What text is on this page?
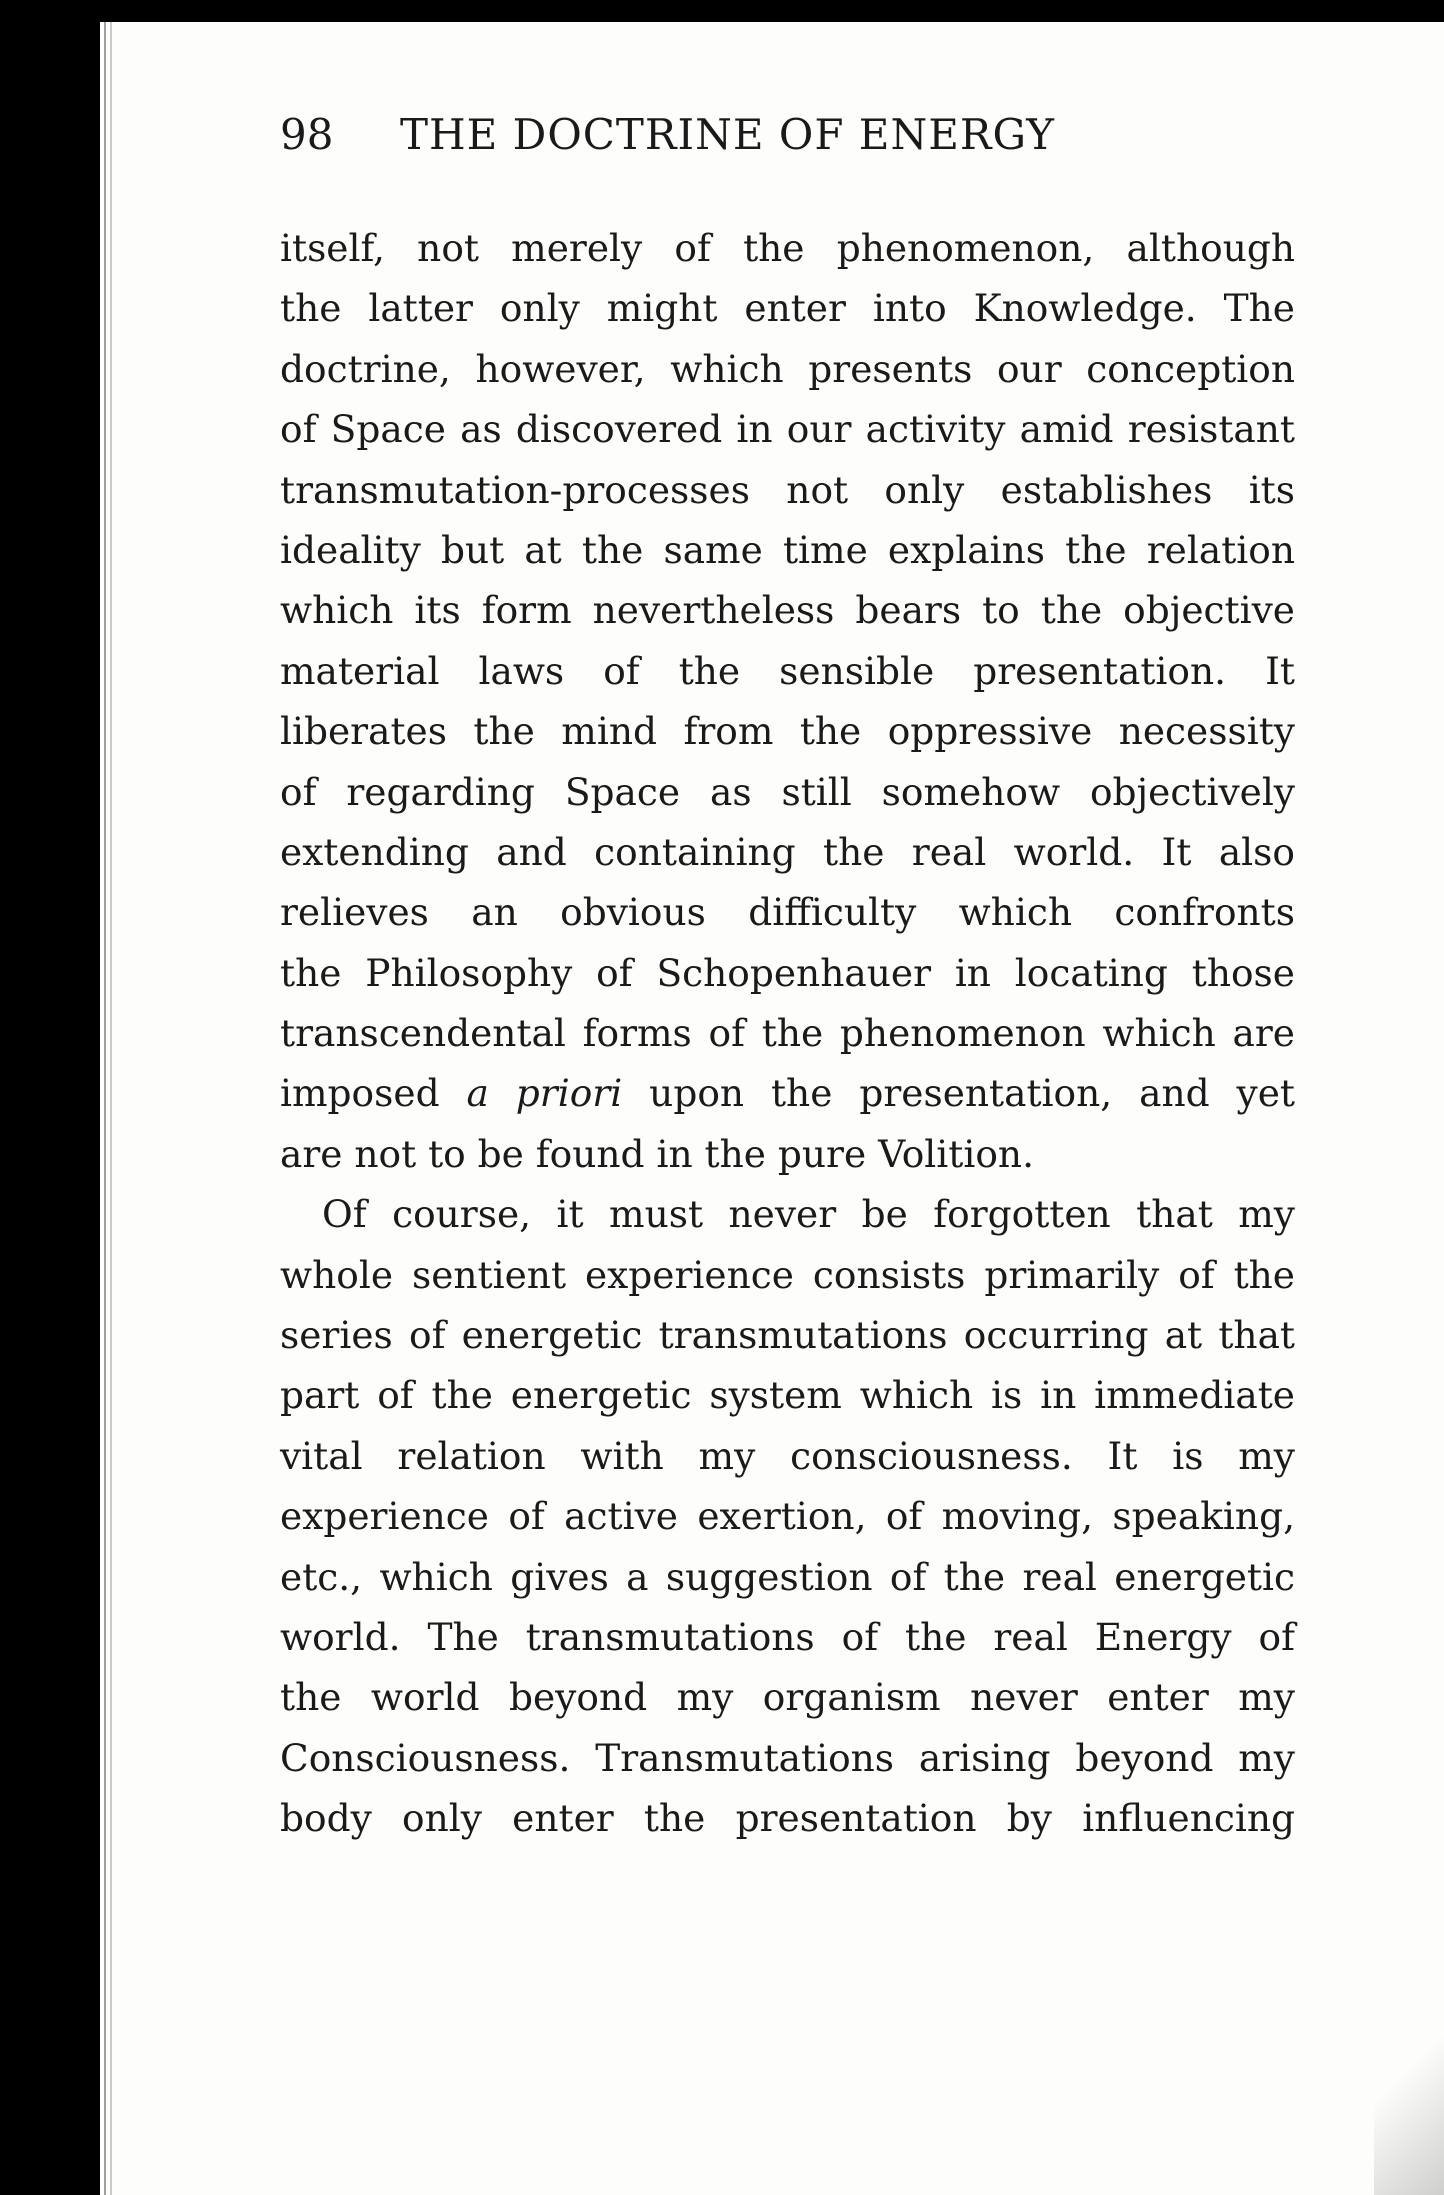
98	THE DOCTRINE OF ENERGY
itself, not merely of the phenomenon, although
the latter only might enter into Knowledge. The
doctrine, however, which presents our conception
of Space as discovered in our activity amid resistant
transmutation-processes not only establishes its
ideality but at the same time explains the relation
which its form nevertheless bears to the objective
material laws of the sensible presentation. It
liberates the mind from the oppressive necessity
of regarding Space as still somehow objectively
extending and containing the real world. It also
relieves an obvious difficulty which confronts
the Philosophy of Schopenhauer in locating those
transcendental forms of the phenomenon which are
imposed a priori upon the presentation, and yet
are not to be found in the pure Volition.
Of course, it must never be forgotten that my
whole sentient experience consists primarily of the
series of energetic transmutations occurring at that
part of the energetic system which is in immediate
vital relation with my consciousness. It is my
experience of active exertion, of moving, speaking,
etc., which gives a suggestion of the real energetic
world. The transmutations of the real Energy of
the world beyond my organism never enter my
Consciousness. Transmutations arising beyond my
body only enter the presentation by influencing
